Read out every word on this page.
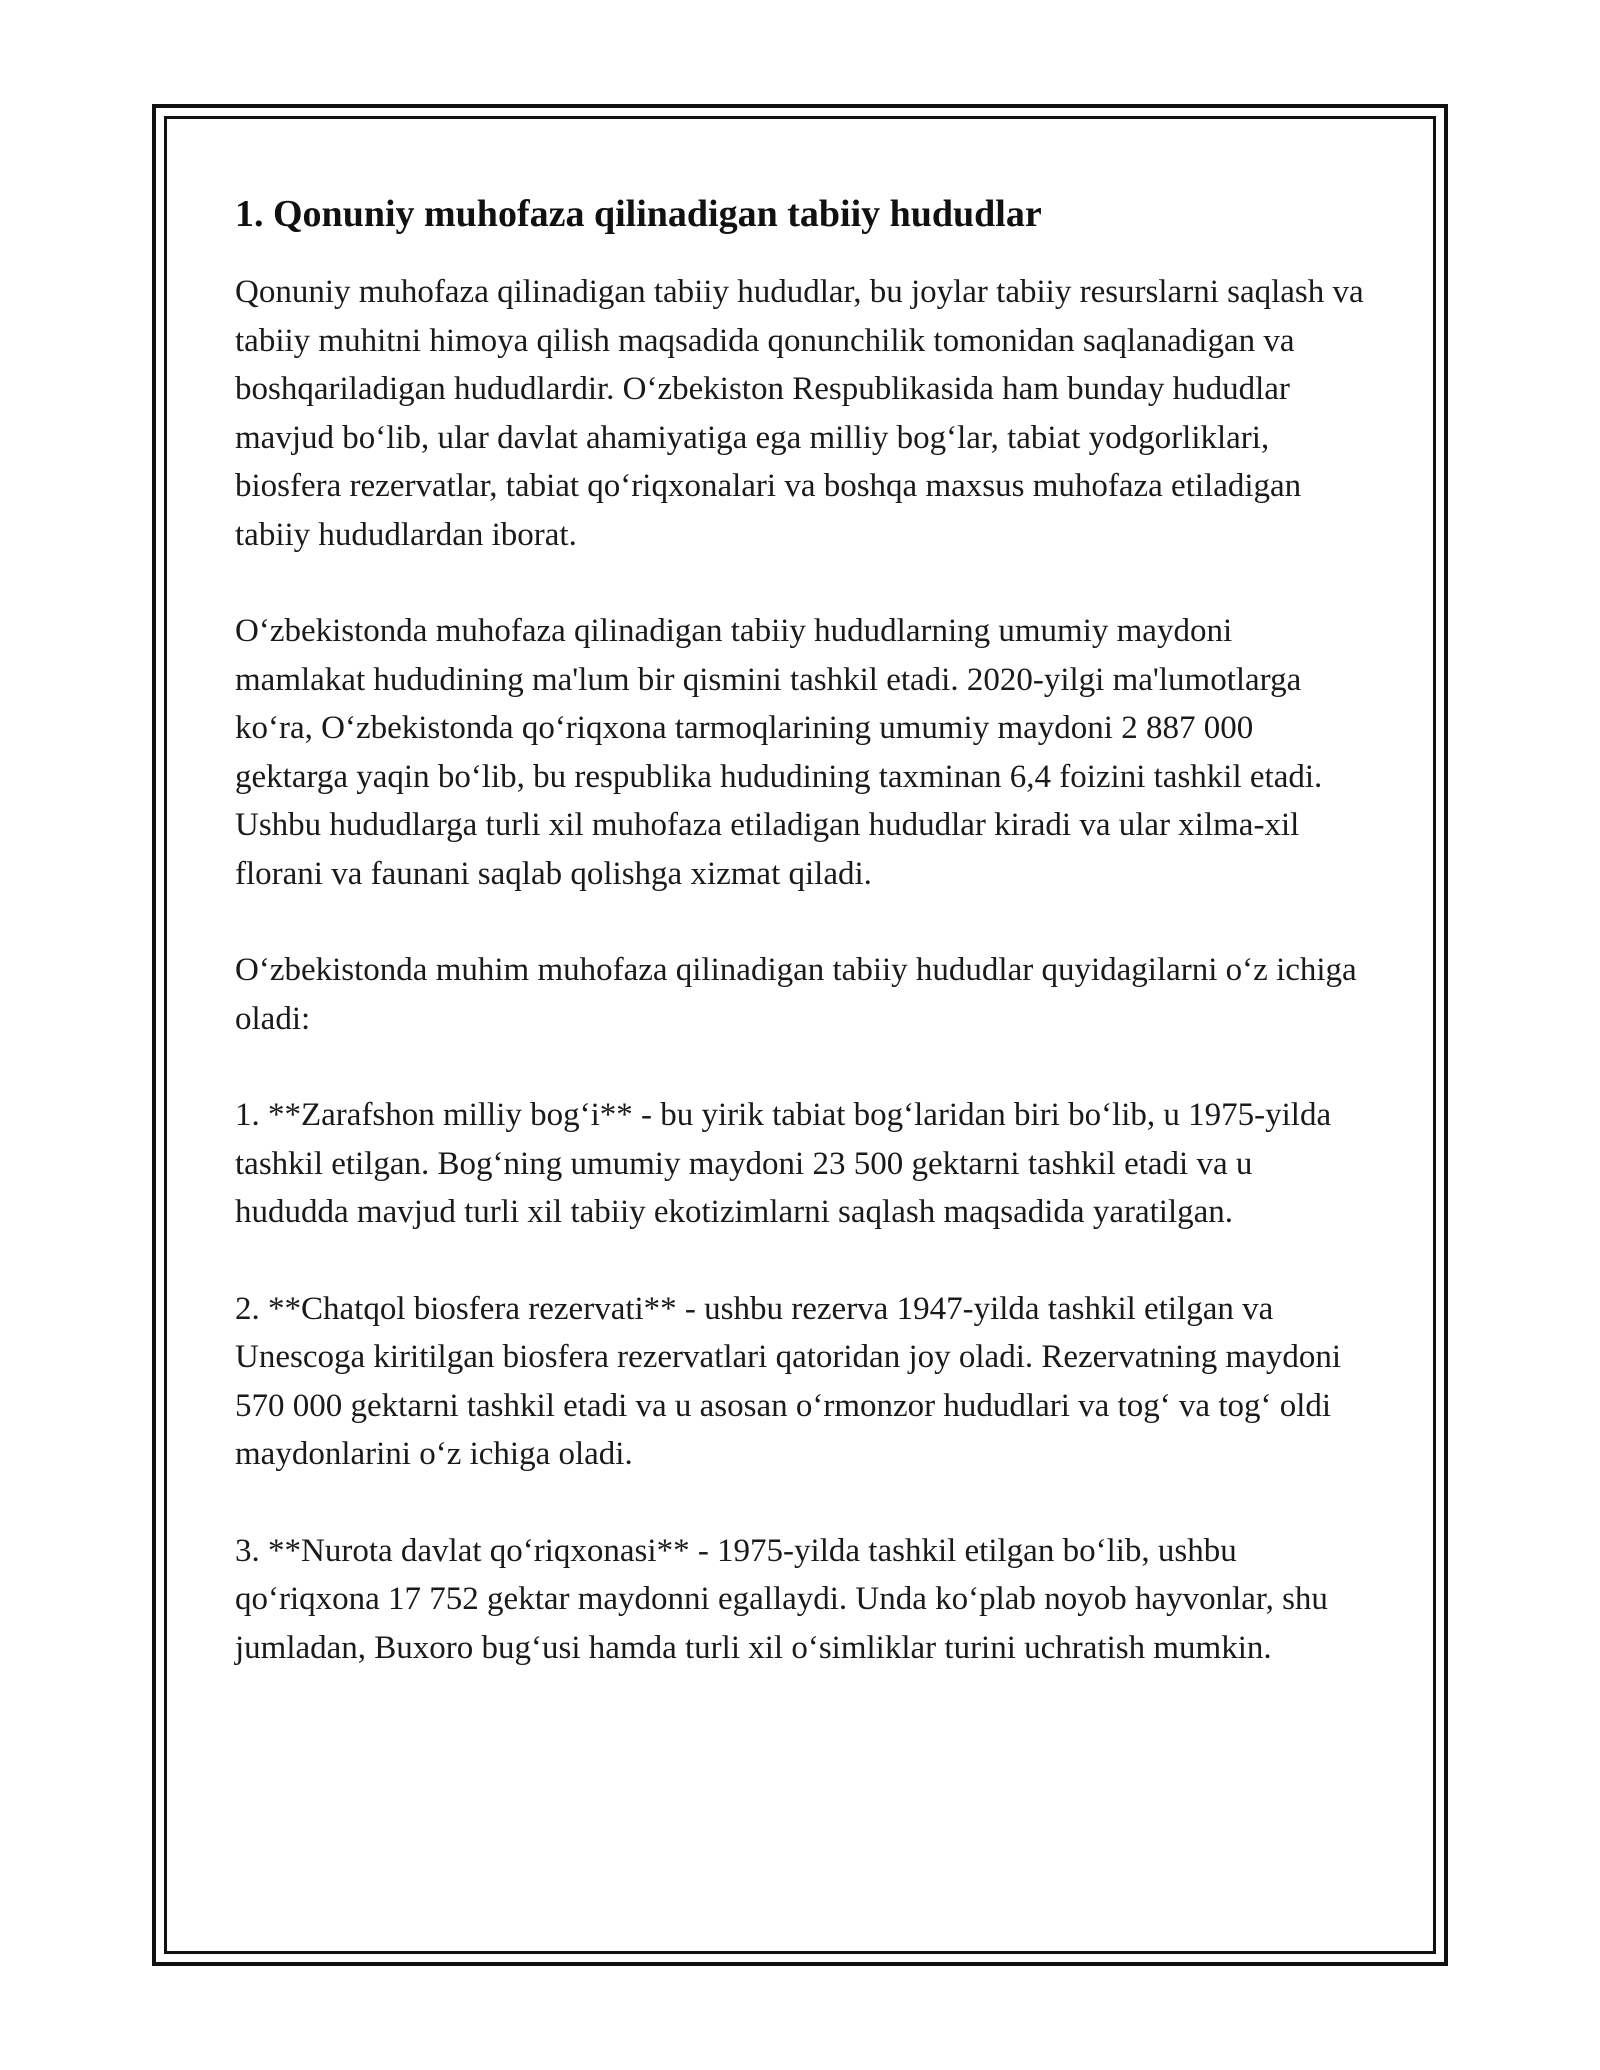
1. Qonuniy muhofaza qilinadigan tabiiy hududlar

Qonuniy muhofaza qilinadigan tabiiy hududlar, bu joylar tabiiy resurslarni saqlash va tabiiy muhitni himoya qilish maqsadida qonunchilik tomonidan saqlanadigan va boshqariladigan hududlardir. O‘zbekiston Respublikasida ham bunday hududlar mavjud bo‘lib, ular davlat ahamiyatiga ega milliy bog‘lar, tabiat yodgorliklari, biosfera rezervatlar, tabiat qo‘riqxonalari va boshqa maxsus muhofaza etiladigan tabiiy hududlardan iborat.

O‘zbekistonda muhofaza qilinadigan tabiiy hududlarning umumiy maydoni mamlakat hududining ma'lum bir qismini tashkil etadi. 2020-yilgi ma'lumotlarga ko‘ra, O‘zbekistonda qo‘riqxona tarmoqlarining umumiy maydoni 2 887 000 gektarga yaqin bo‘lib, bu respublika hududining taxminan 6,4 foizini tashkil etadi. Ushbu hududlarga turli xil muhofaza etiladigan hududlar kiradi va ular xilma-xil florani va faunani saqlab qolishga xizmat qiladi.

O‘zbekistonda muhim muhofaza qilinadigan tabiiy hududlar quyidagilarni o‘z ichiga oladi:

1. **Zarafshon milliy bog‘i** - bu yirik tabiat bog‘laridan biri bo‘lib, u 1975-yilda tashkil etilgan. Bog‘ning umumiy maydoni 23 500 gektarni tashkil etadi va u hududda mavjud turli xil tabiiy ekotizimlarni saqlash maqsadida yaratilgan.

2. **Chatqol biosfera rezervati** - ushbu rezerva 1947-yilda tashkil etilgan va Unescoga kiritilgan biosfera rezervatlari qatoridan joy oladi. Rezervatning maydoni 570 000 gektarni tashkil etadi va u asosan o‘rmonzor hududlari va tog‘ va tog‘ oldi maydonlarini o‘z ichiga oladi.

3. **Nurota davlat qo‘riqxonasi** - 1975-yilda tashkil etilgan bo‘lib, ushbu qo‘riqxona 17 752 gektar maydonni egallaydi. Unda ko‘plab noyob hayvonlar, shu jumladan, Buxoro bug‘usi hamda turli xil o‘simliklar turini uchratish mumkin.
